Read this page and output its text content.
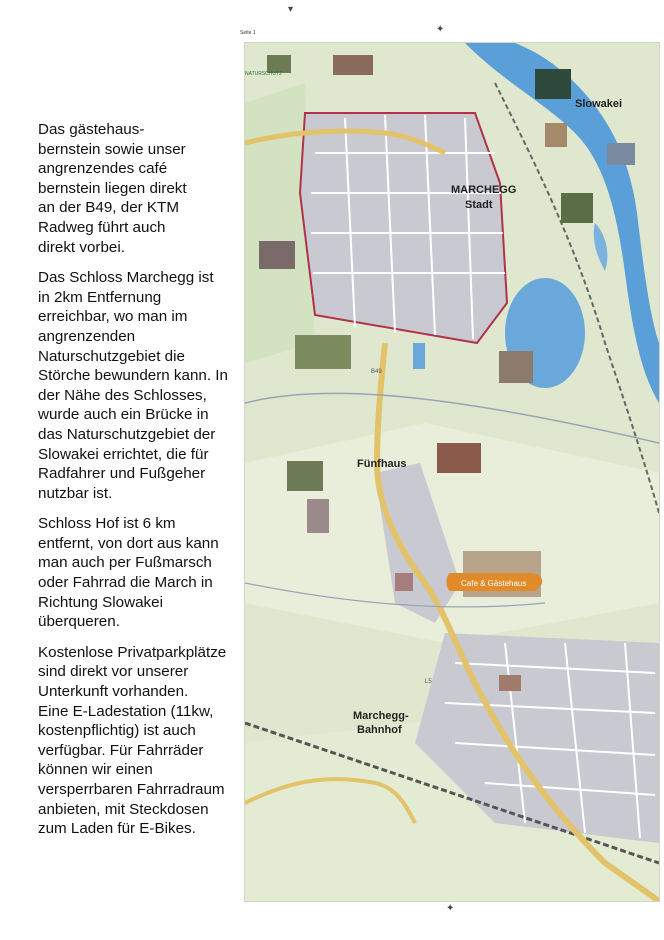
▾
✦
✦

Das gästehaus-
bernstein sowie unser
angrenzendes café
bernstein liegen direkt
an der B49, der KTM
Radweg führt auch
direkt vorbei.

Das Schloss Marchegg ist
in 2km Entfernung
erreichbar, wo man im
angrenzenden
Naturschutzgebiet die
Störche bewundern kann. In
der Nähe des Schlosses,
wurde auch ein Brücke in
das Naturschutzgebiet der
Slowakei errichtet, die für
Radfahrer und Fußgeher
nutzbar ist.

Schloss Hof ist 6 km
entfernt, von dort aus kann
man auch per Fußmarsch
oder Fahrrad die March in
Richtung Slowakei
überqueren.

Kostenlose Privatparkplätze
sind direkt vor unserer
Unterkunft vorhanden.
Eine E-Ladestation (11kw,
kostenpflichtig) ist auch
verfügbar. Für Fahrräder
können wir einen
versperrbaren Fahrradraum
anbieten, mit Steckdosen
zum Laden für E-Bikes.

Seite 1
Cafe & Gästehaus
NATURSCHUTZ
B49
L5
Slowakei
MARCHEGG
Stadt
Fünfhaus
Marchegg-
Bahnhof
